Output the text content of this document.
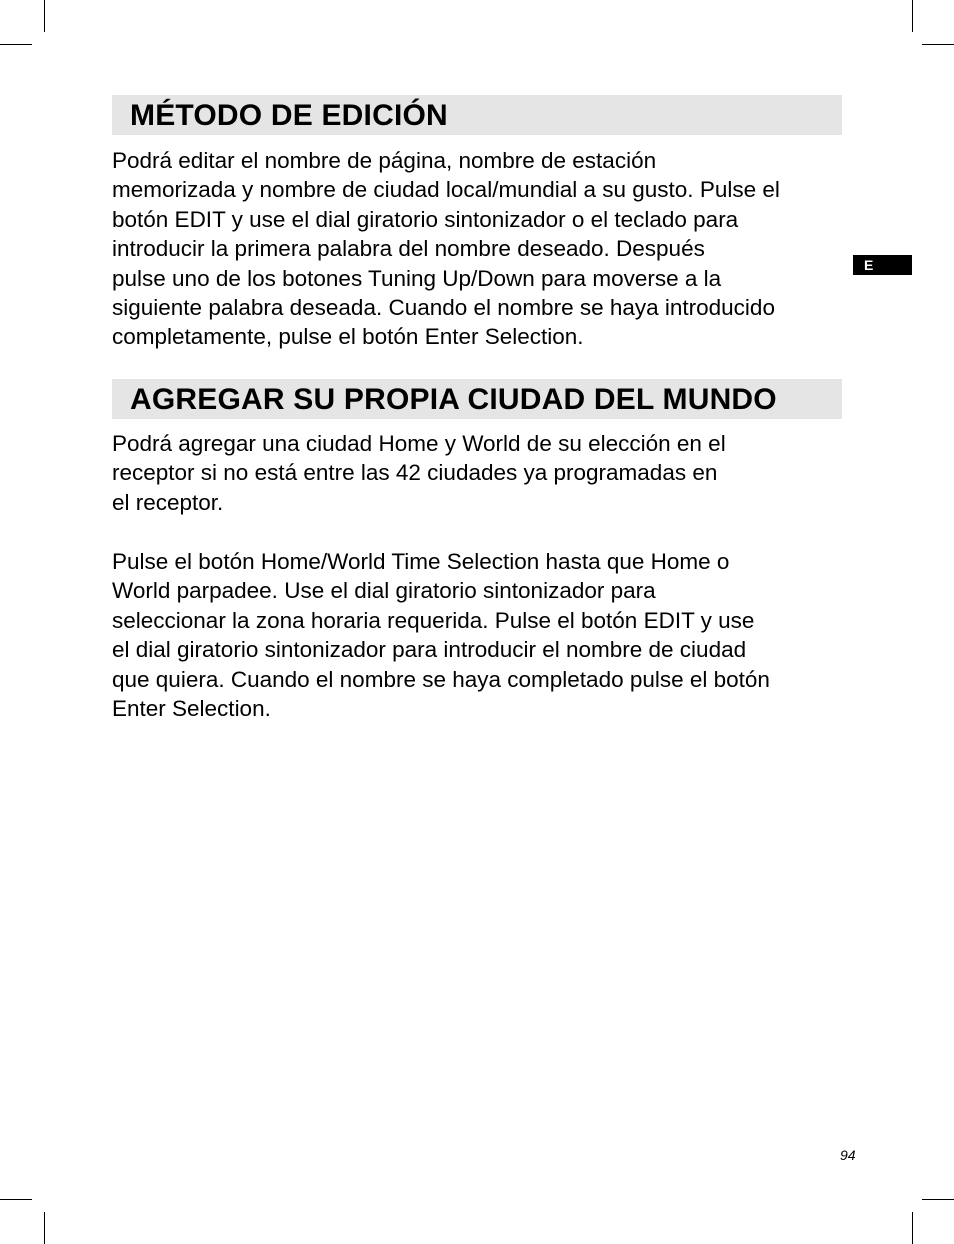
MÉTODO DE EDICIÓN
Podrá editar el nombre de página, nombre de estación
memorizada y nombre de ciudad local/mundial a su gusto. Pulse el
botón EDIT y use el dial giratorio sintonizador o el teclado para
introducir la primera palabra del nombre deseado. Después
pulse uno de los botones Tuning Up/Down para moverse a la
siguiente palabra deseada. Cuando el nombre se haya introducido
completamente, pulse el botón Enter Selection.
AGREGAR SU PROPIA CIUDAD DEL MUNDO
Podrá agregar una ciudad Home y World de su elección en el
receptor si no está entre las 42 ciudades ya programadas en
el receptor.
Pulse el botón Home/World Time Selection hasta que Home o
World parpadee. Use el dial giratorio sintonizador para
seleccionar la zona horaria requerida. Pulse el botón EDIT y use
el dial giratorio sintonizador para introducir el nombre de ciudad
que quiera. Cuando el nombre se haya completado pulse el botón
Enter Selection.
E
94
